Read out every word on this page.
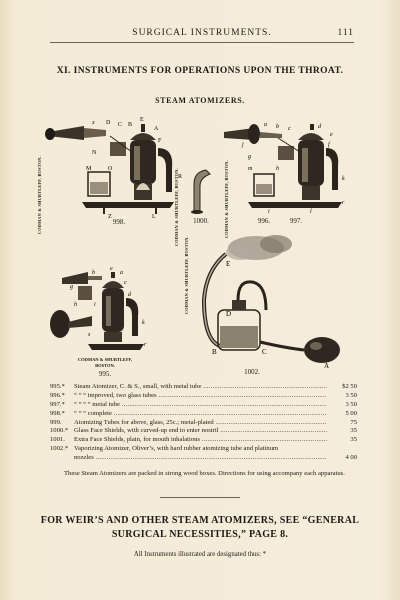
SURGICAL INSTRUMENTS.	111
XI. INSTRUMENTS FOR OPERATIONS UPON THE THROAT.
STEAM ATOMIZERS.
x D C B
E
A
F
N
M	O
R
Z	L
CODMAN & SHURTLEFF, BOSTON.	998.	CODMAN & SHURTLEFF, BOSTON.	1000.
a b c	d
e
f
j
g
m	h
k
r
i	l
CODMAN & SHURTLEFF, BOSTON.	996.	997.
b
e
a
c
d
g
h	i
s
k
r
CODMAN & SHURTLEFF,
BOSTON.
995.
E
D
B	C
A
CODMAN & SHURTLEFF, BOSTON.
1002.
995.*	Steam Atomizer, C. & S., small, with metal tube .....	$2 50
996.*	“ “ “ improved, two glass tubes .....	3 50
997.*	“ “ “ “ metal tube .....	3 50
998.*	“ “ “ complete .....	5 00
999.	Atomizing Tubes for above, glass, 25c.; metal-plated .....	75
1000.* Glass Face Shields, with curved-up end to enter nostril .....	35
1001.	Extra Face Shields, plain, for mouth inhalations .....	35
1002.* Vaporizing Atomizer, Oliver’s, with hard rubber atomizing tube and platinum
nozzles .....	4 00
These Steam Atomizers are packed in strong wood boxes. Directions for using accompany each apparatus.
FOR WEIR’S AND OTHER STEAM ATOMIZERS, SEE “GENERAL
SURGICAL NECESSITIES,” PAGE 8.
All Instruments illustrated are designated thus: *
